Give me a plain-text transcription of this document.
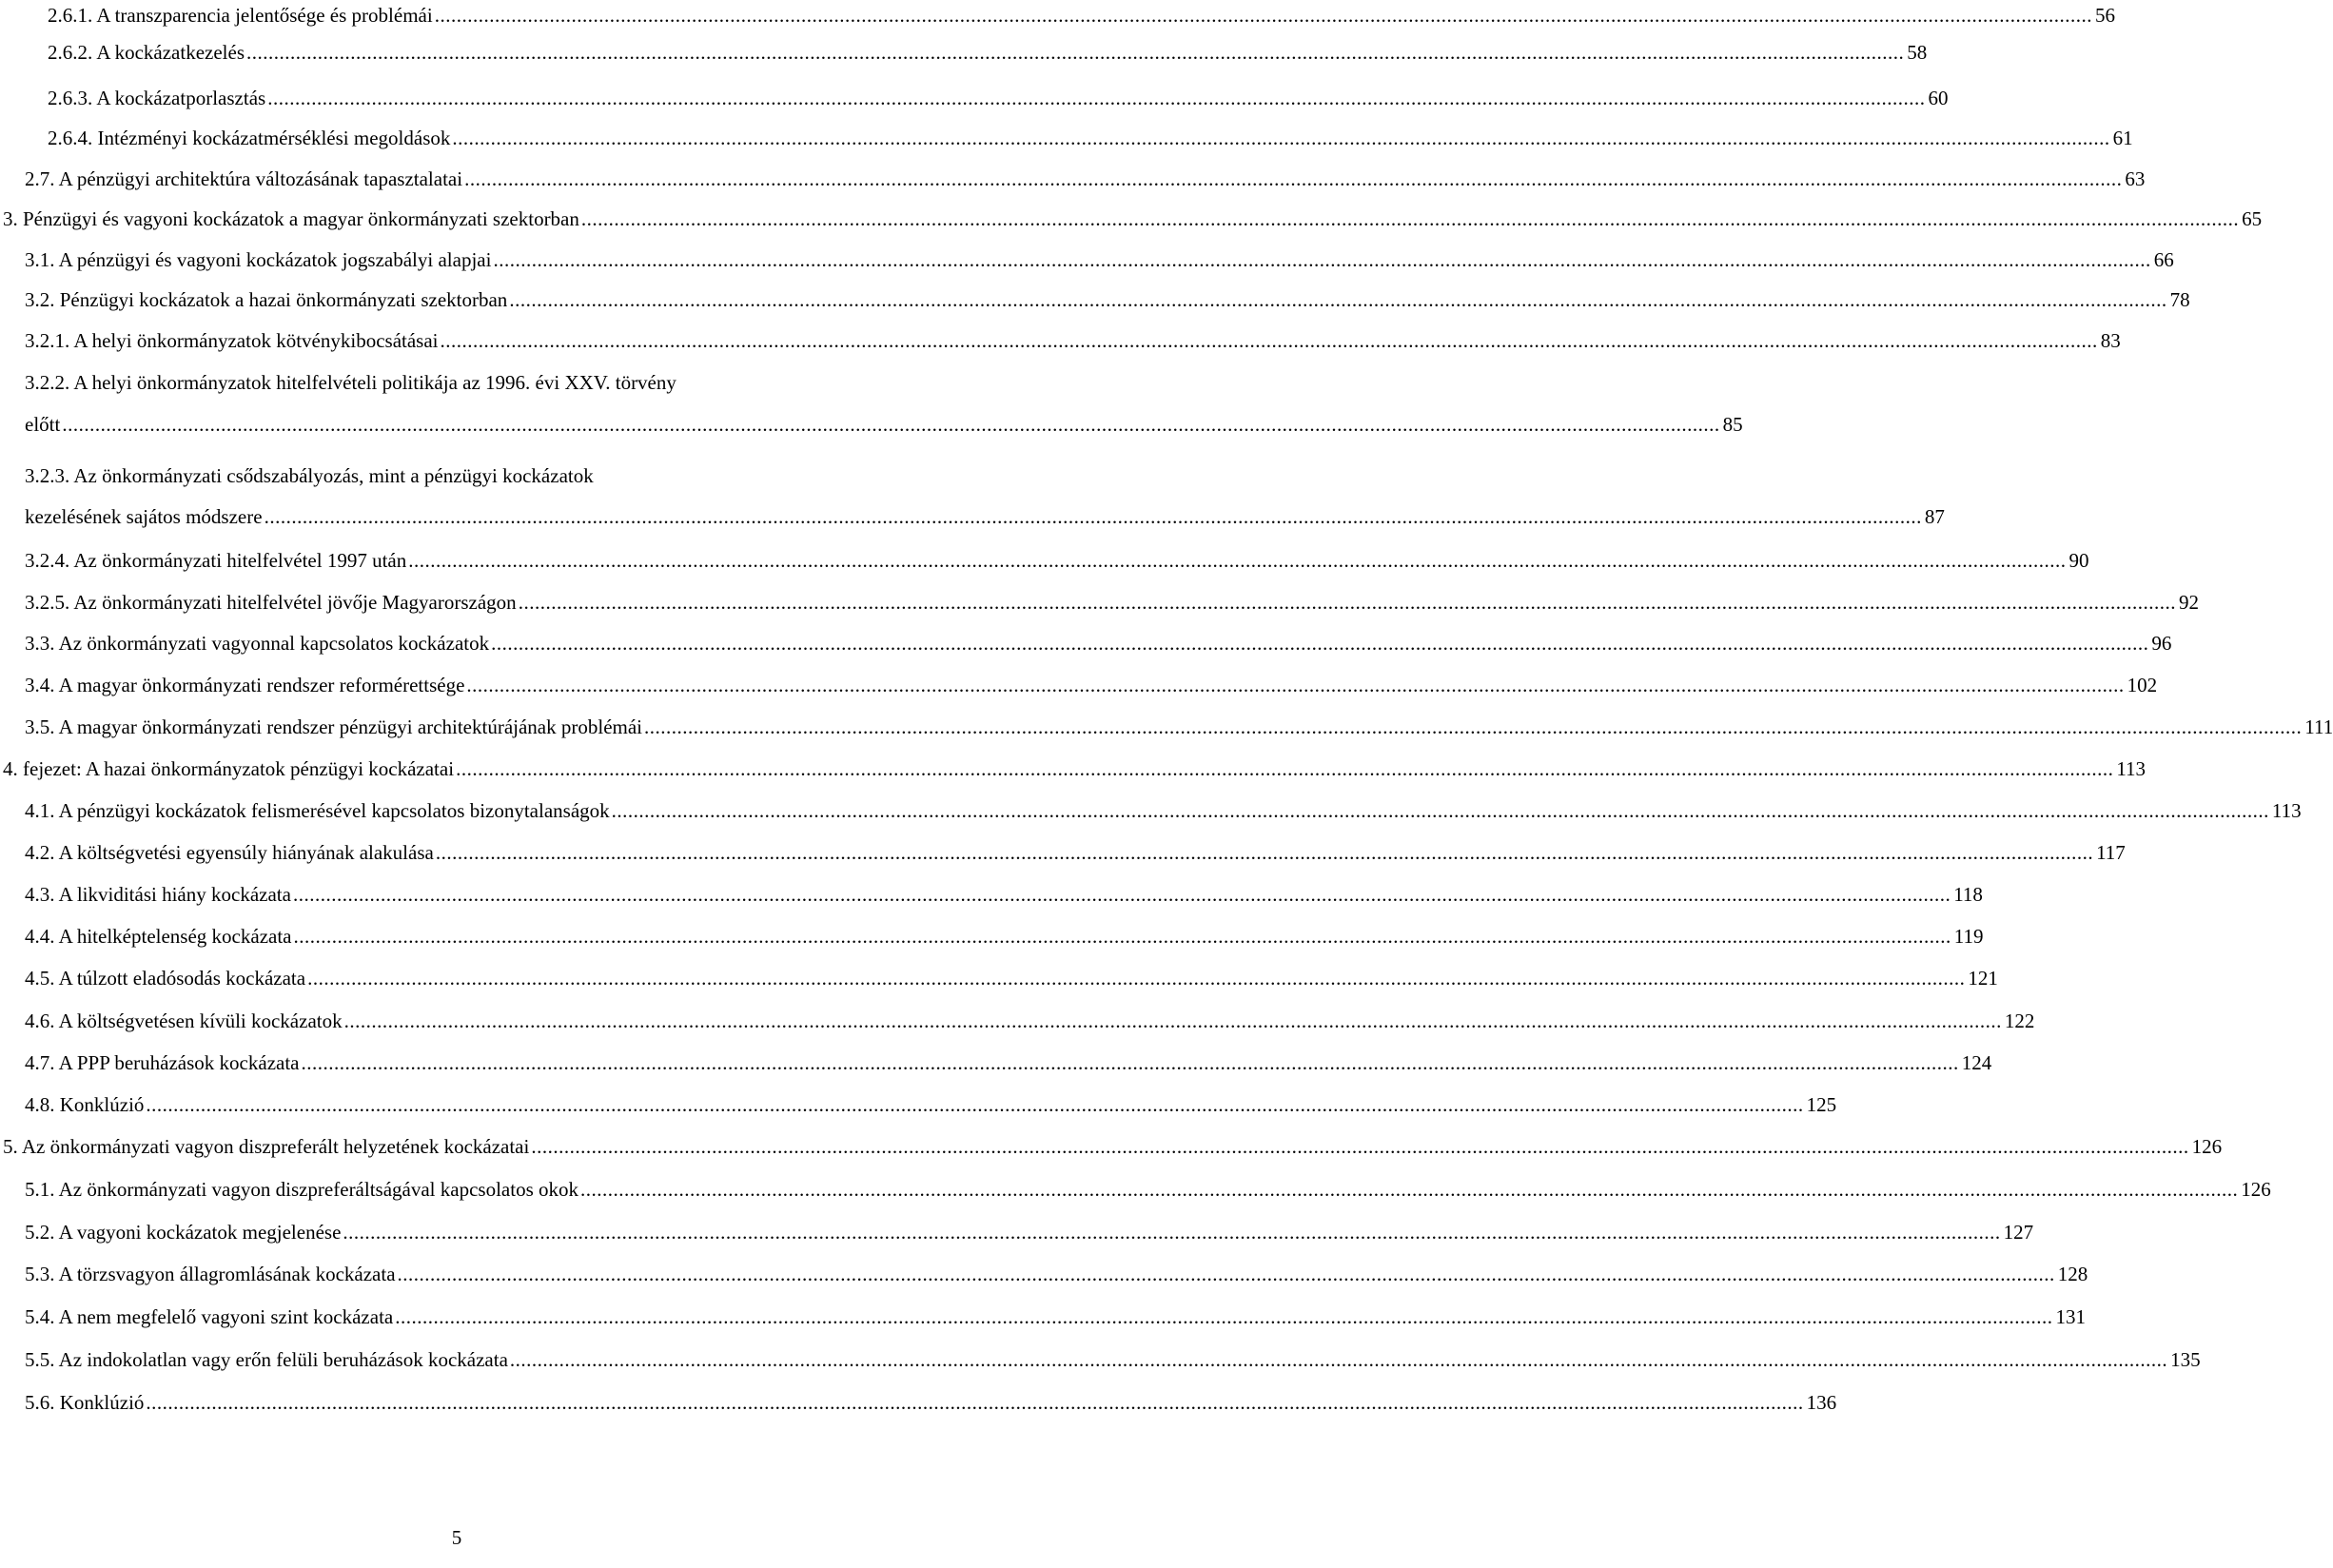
2.6.1. A transzparencia jelentősége és problémái .....	56
2.6.2. A kockázatkezelés .....	58
2.6.3. A kockázatporlasztás .....	60
2.6.4. Intézményi kockázatmérséklési megoldások .....	61
2.7. A pénzügyi architektúra változásának tapasztalatai .....	63
3. Pénzügyi és vagyoni kockázatok a magyar önkormányzati szektorban .....	65
3.1. A pénzügyi és vagyoni kockázatok jogszabályi alapjai .....	66
3.2. Pénzügyi kockázatok a hazai önkormányzati szektorban .....	78
3.2.1. A helyi önkormányzatok kötvénykibocsátásai .....	83
3.2.2. A helyi önkormányzatok hitelfelvételi politikája az 1996. évi XXV. törvény
előtt .....	85
3.2.3. Az önkormányzati csődszabályozás, mint a pénzügyi kockázatok
kezelésének sajátos módszere .....	87
3.2.4. Az önkormányzati hitelfelvétel 1997 után .....	90
3.2.5. Az önkormányzati hitelfelvétel jövője Magyarországon .....	92
3.3. Az önkormányzati vagyonnal kapcsolatos kockázatok .....	96
3.4. A magyar önkormányzati rendszer reformérettsége .....	102
3.5. A magyar önkormányzati rendszer pénzügyi architektúrájának problémái .....	111
4. fejezet: A hazai önkormányzatok pénzügyi kockázatai .....	113
4.1. A pénzügyi kockázatok felismerésével kapcsolatos bizonytalanságok .....	113
4.2. A költségvetési egyensúly hiányának alakulása .....	117
4.3. A likviditási hiány kockázata .....	118
4.4. A hitelképtelenség kockázata .....	119
4.5. A túlzott eladósodás kockázata .....	121
4.6. A költségvetésen kívüli kockázatok .....	122
4.7. A PPP beruházások kockázata .....	124
4.8. Konklúzió .....	125
5. Az önkormányzati vagyon diszpreferált helyzetének kockázatai .....	126
5.1. Az önkormányzati vagyon diszpreferáltságával kapcsolatos okok .....	126
5.2. A vagyoni kockázatok megjelenése .....	127
5.3. A törzsvagyon állagromlásának kockázata .....	128
5.4. A nem megfelelő vagyoni szint kockázata .....	131
5.5. Az indokolatlan vagy erőn felüli beruházások kockázata .....	135
5.6. Konklúzió .....	136
5
